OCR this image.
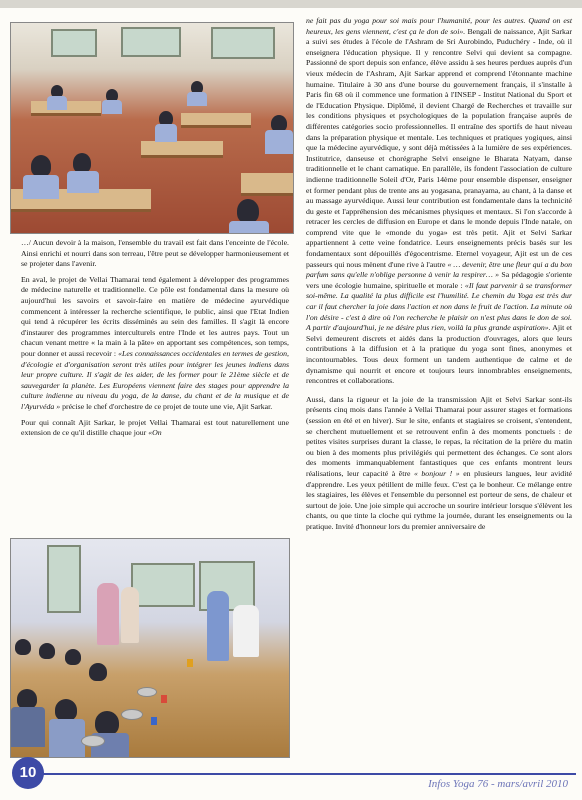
…/ Aucun devoir à la maison, l'ensemble du travail est fait dans l'enceinte de l'école. Ainsi enrichi et nourri dans son terreau, l'être peut se développer harmonieusement et se projeter dans l'avenir.

En aval, le projet de Vellai Thamarai tend également à développer des programmes de médecine naturelle et traditionnelle. Ce pôle est fondamental dans la mesure où aujourd'hui les savoirs et savoir-faire en matière de médecine ayurvédique commencent à intéresser la recherche scientifique, le public, ainsi que l'Etat Indien qui tend à récupérer les écrits disséminés au sein des familles. Il s'agit là encore d'instaurer des programmes interculturels entre l'Inde et les autres pays. Tout un chacun venant mettre « la main à la pâte» en apportant ses compétences, son temps, pour donner et aussi recevoir : «Les connaissances occidentales en termes de gestion, d'écologie et d'organisation seront très utiles pour intégrer les jeunes indiens dans leur propre culture. Il s'agit de les aider, de les former pour le 21ème siècle et de sauvegarder la planète. Les Européens viennent faire des stages pour apprendre la culture indienne au niveau du yoga, de la danse, du chant et de la musique et de l'Ayurvéda » précise le chef d'orchestre de ce projet de toute une vie, Ajit Sarkar.

Pour qui connaît Ajit Sarkar, le projet Vellai Thamarai est tout naturellement une extension de ce qu'il distille chaque jour «On

ne fait pas du yoga pour soi mais pour l'humanité, pour les autres. Quand on est heureux, les gens viennent, c'est ça le don de soi». Bengali de naissance, Ajit Sarkar a suivi ses études à l'école de l'Ashram de Sri Aurobindo, Puduchéry - Inde, où il enseignera l'éducation physique. Il y rencontre Selvi qui devient sa compagne. Passionné de sport depuis son enfance, élève assidu à ses heures perdues auprès d'un vieux médecin de l'Ashram, Ajit Sarkar apprend et comprend l'étonnante machine humaine. Titulaire à 30 ans d'une bourse du gouvernement français, il s'installe à Paris fin 68 où il commence une formation à l'INSEP - Institut National du Sport et de l'Education Physique. Diplômé, il devient Chargé de Recherches et travaille sur les conditions physiques et psychologiques de la population française auprès de différentes catégories socio professionnelles. Il entraîne des sportifs de haut niveau dans la préparation physique et mentale. Les techniques et pratiques yogiques, ainsi que la médecine ayurvédique, y sont déjà métissées à la lumière de ses expériences. Institutrice, danseuse et chorégraphe Selvi enseigne le Bharata Natyam, danse traditionnelle et le chant carnatique. En parallèle, ils fondent l'association de culture indienne traditionnelle Soleil d'Or, Paris 14ème pour ensemble dispenser, enseigner et former pendant plus de trente ans au yogasana, pranayama, au chant, à la danse et au massage ayurvédique. Aussi leur contribution est fondamentale dans la technicité du geste et l'appréhension des mécanismes physiques et mentaux. Si l'on s'accorde à retracer les cercles de diffusion en Europe et dans le monde depuis l'Inde natale, on comprend vite que le «monde du yoga» est très petit. Ajit et Selvi Sarkar appartiennent à cette veine fondatrice. Leurs enseignements précis basés sur les fondamentaux sont dépouillés d'égocentrisme. Eternel voyageur, Ajit est un de ces passeurs qui nous mènent d'une rive à l'autre « … devenir, être une fleur qui a du bon parfum sans qu'elle n'oblige personne à venir la respirer… » Sa pédagogie s'oriente vers une écologie humaine, spirituelle et morale : «Il faut parvenir à se transformer soi-même. La qualité la plus difficile est l'humilité. Le chemin du Yoga est très dur car il faut chercher la joie dans l'action et non dans le fruit de l'action. La minute où l'on désire - c'est à dire où l'on recherche le plaisir on n'est plus dans le don de soi. A partir d'aujourd'hui, je ne désire plus rien, voilà la plus grande aspiration». Ajit et Selvi demeurent discrets et aidés dans la production d'ouvrages, alors que leurs contributions à la diffusion et à la pratique du yoga sont fines, anonymes et incontournables. Tous deux forment un tandem authentique de calme et de dynamisme qui nourrit et encore et toujours leurs innombrables enseignements, rencontres et collaborations.

Aussi, dans la rigueur et la joie de la transmission Ajit et Selvi Sarkar sont-ils présents cinq mois dans l'année à Vellai Thamarai pour assurer stages et formations (session en été et en hiver). Sur le site, enfants et stagiaires se croisent, s'entendent, se cherchent mutuellement et se retrouvent enfin à des moments ponctuels : de petites visites surprises durant la classe, le repas, la récitation de la prière du matin ou bien à des moments plus privilégiés qui permettent des échanges. Ce sont alors des moments immanquablement fantastiques que ces enfants montrent leurs réalisations, leur capacité à être « bonjour ! » en plusieurs langues, leur avidité d'apprendre. Les yeux pétillent de mille feux. C'est ça le bonheur. Ce mélange entre les stagiaires, les élèves et l'ensemble du personnel est porteur de sens, de chaleur et surtout de joie. Une joie simple qui accroche un sourire intérieur lorsque s'élèvent les chants, ou que tinte la cloche qui rythme la journée, durant les enseignements ou la pratique. Invité d'honneur lors du premier anniversaire de

10
Infos Yoga 76 - mars/avril 2010
